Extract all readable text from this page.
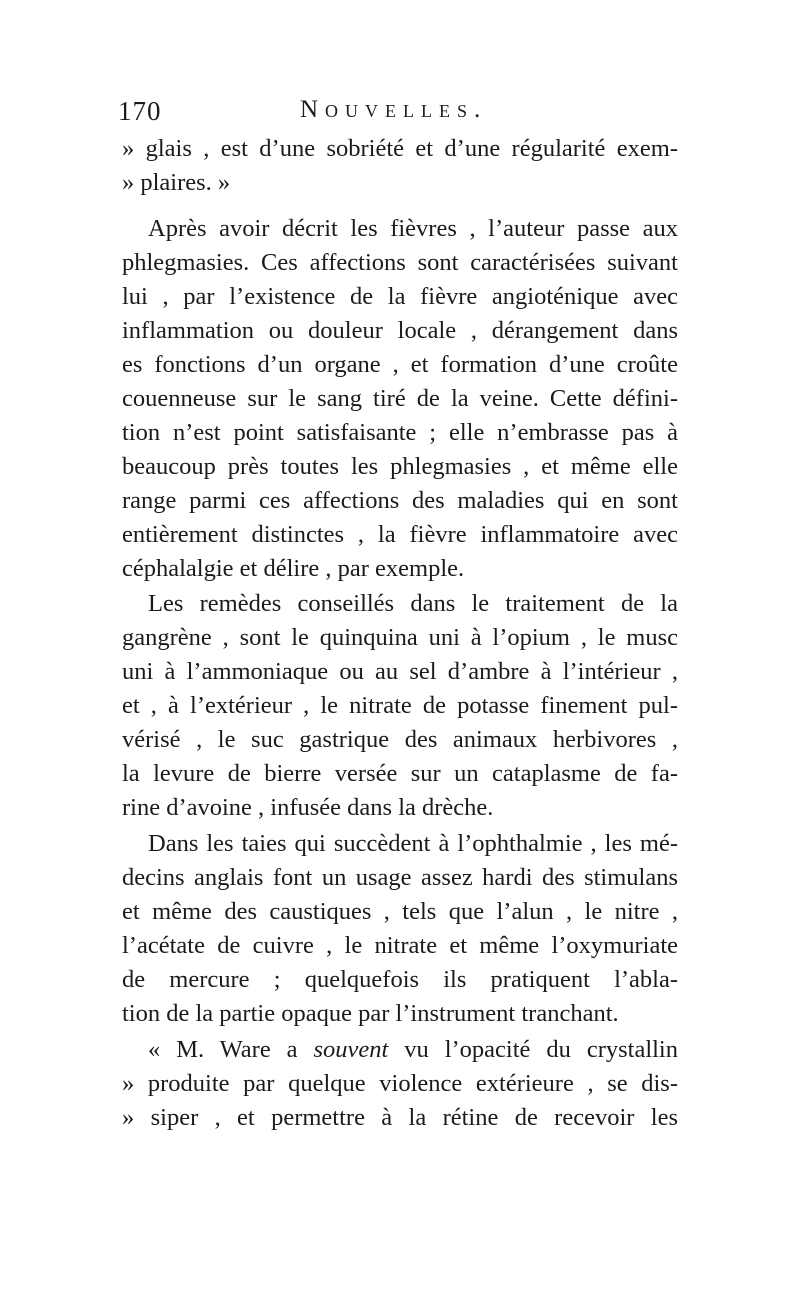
170	Nouvelles.
» glais , est d’une sobriété et d’une régularité exem-
» plaires. »
Après avoir décrit les fièvres , l’auteur passe aux
phlegmasies. Ces affections sont caractérisées suivant
lui , par l’existence de la fièvre angioténique avec
inflammation ou douleur locale , dérangement dans
es fonctions d’un organe , et formation d’une croûte
couenneuse sur le sang tiré de la veine. Cette défini-
tion n’est point satisfaisante ; elle n’embrasse pas à
beaucoup près toutes les phlegmasies , et même elle
range parmi ces affections des maladies qui en sont
entièrement distinctes , la fièvre inflammatoire avec
céphalalgie et délire , par exemple.
Les remèdes conseillés dans le traitement de la
gangrène , sont le quinquina uni à l’opium , le musc
uni à l’ammoniaque ou au sel d’ambre à l’intérieur ,
et , à l’extérieur , le nitrate de potasse finement pul-
vérisé , le suc gastrique des animaux herbivores ,
la levure de bierre versée sur un cataplasme de fa-
rine d’avoine , infusée dans la drèche.
Dans les taies qui succèdent à l’ophthalmie , les mé-
decins anglais font un usage assez hardi des stimulans
et même des caustiques , tels que l’alun , le nitre ,
l’acétate de cuivre , le nitrate et même l’oxymuriate
de mercure ; quelquefois ils pratiquent l’abla-
tion de la partie opaque par l’instrument tranchant.
« M. Ware a souvent vu l’opacité du crystallin
» produite par quelque violence extérieure , se dis-
» siper , et permettre à la rétine de recevoir les
